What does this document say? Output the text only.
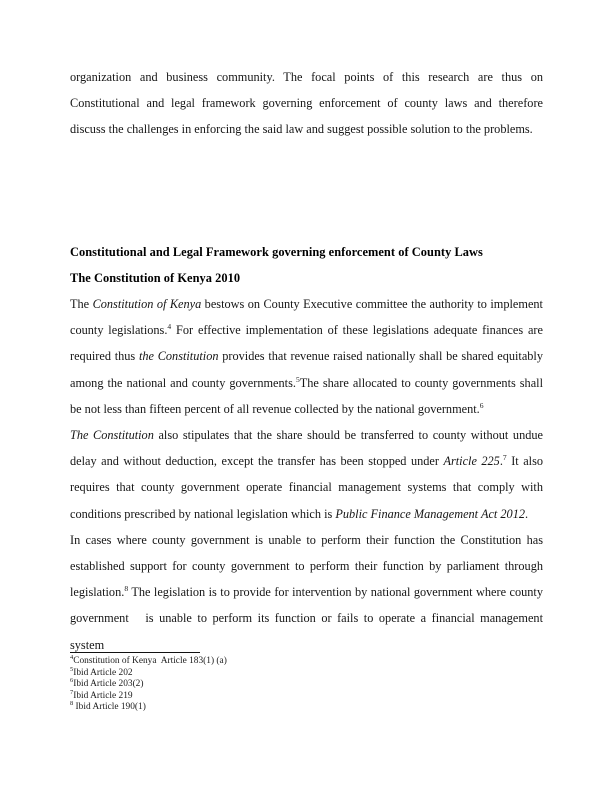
organization and business community. The focal points of this research are thus on Constitutional and legal framework governing enforcement of county laws and therefore discuss the challenges in enforcing the said law and suggest possible solution to the problems.

Constitutional and Legal Framework governing enforcement of County Laws

The Constitution of Kenya 2010

The Constitution of Kenya bestows on County Executive committee the authority to implement county legislations.$^4$ For effective implementation of these legislations adequate finances are required thus the Constitution provides that revenue raised nationally shall be shared equitably among the national and county governments.$^5$The share allocated to county governments shall be not less than fifteen percent of all revenue collected by the national government.$^6$

The Constitution also stipulates that the share should be transferred to county without undue delay and without deduction, except the transfer has been stopped under Article 225.$^7$ It also requires that county government operate financial management systems that comply with conditions prescribed by national legislation which is Public Finance Management Act 2012.

In cases where county government is unable to perform their function the Constitution has established support for county government to perform their function by parliament through legislation.$^8$ The legislation is to provide for intervention by national government where county government is unable to perform its function or fails to operate a financial management system

$^4$Constitution of Kenya  Article 183(1) (a)
$^5$Ibid Article 202
$^6$Ibid Article 203(2)
$^7$Ibid Article 219
$^8$ Ibid Article 190(1)
